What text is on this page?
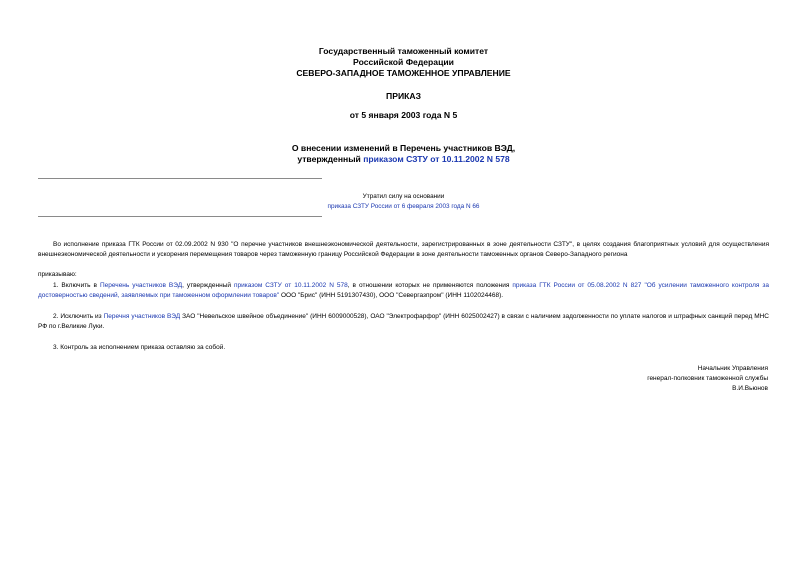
Государственный таможенный комитет
Российской Федерации
СЕВЕРО-ЗАПАДНОЕ ТАМОЖЕННОЕ УПРАВЛЕНИЕ
ПРИКАЗ
от 5 января 2003 года N 5
О внесении изменений в Перечень участников ВЭД,
утвержденный приказом СЗТУ от 10.11.2002 N 578
Утратил силу на основании
приказа СЗТУ России от 6 февраля 2003 года N 66
Во исполнение приказа ГТК России от 02.09.2002 N 930 "О перечне участников внешнеэкономической деятельности, зарегистрированных в зоне деятельности СЗТУ", в целях создания благоприятных условий для осуществления внешнеэкономической деятельности и ускорения перемещения товаров через таможенную границу Российской Федерации в зоне деятельности таможенных органов Северо-Западного региона
приказываю:
1. Включить в Перечень участников ВЭД, утвержденный приказом СЗТУ от 10.11.2002 N 578, в отношении которых не применяются положения приказа ГТК России от 05.08.2002 N 827 "Об усилении таможенного контроля за достоверностью сведений, заявляемых при таможенном оформлении товаров" ООО "Брис" (ИНН 5191307430), ООО "Севергазпром" (ИНН 1102024468).
2. Исключить из Перечня участников ВЭД ЗАО "Невельское швейное объединение" (ИНН 6009000528), ОАО "Электрофарфор" (ИНН 6025002427) в связи с наличием задолженности по уплате налогов и штрафных санкций перед МНС РФ по г.Великие Луки.
3. Контроль за исполнением приказа оставляю за собой.
Начальник Управления
генерал-полковник таможенной службы
В.И.Вьюнов
